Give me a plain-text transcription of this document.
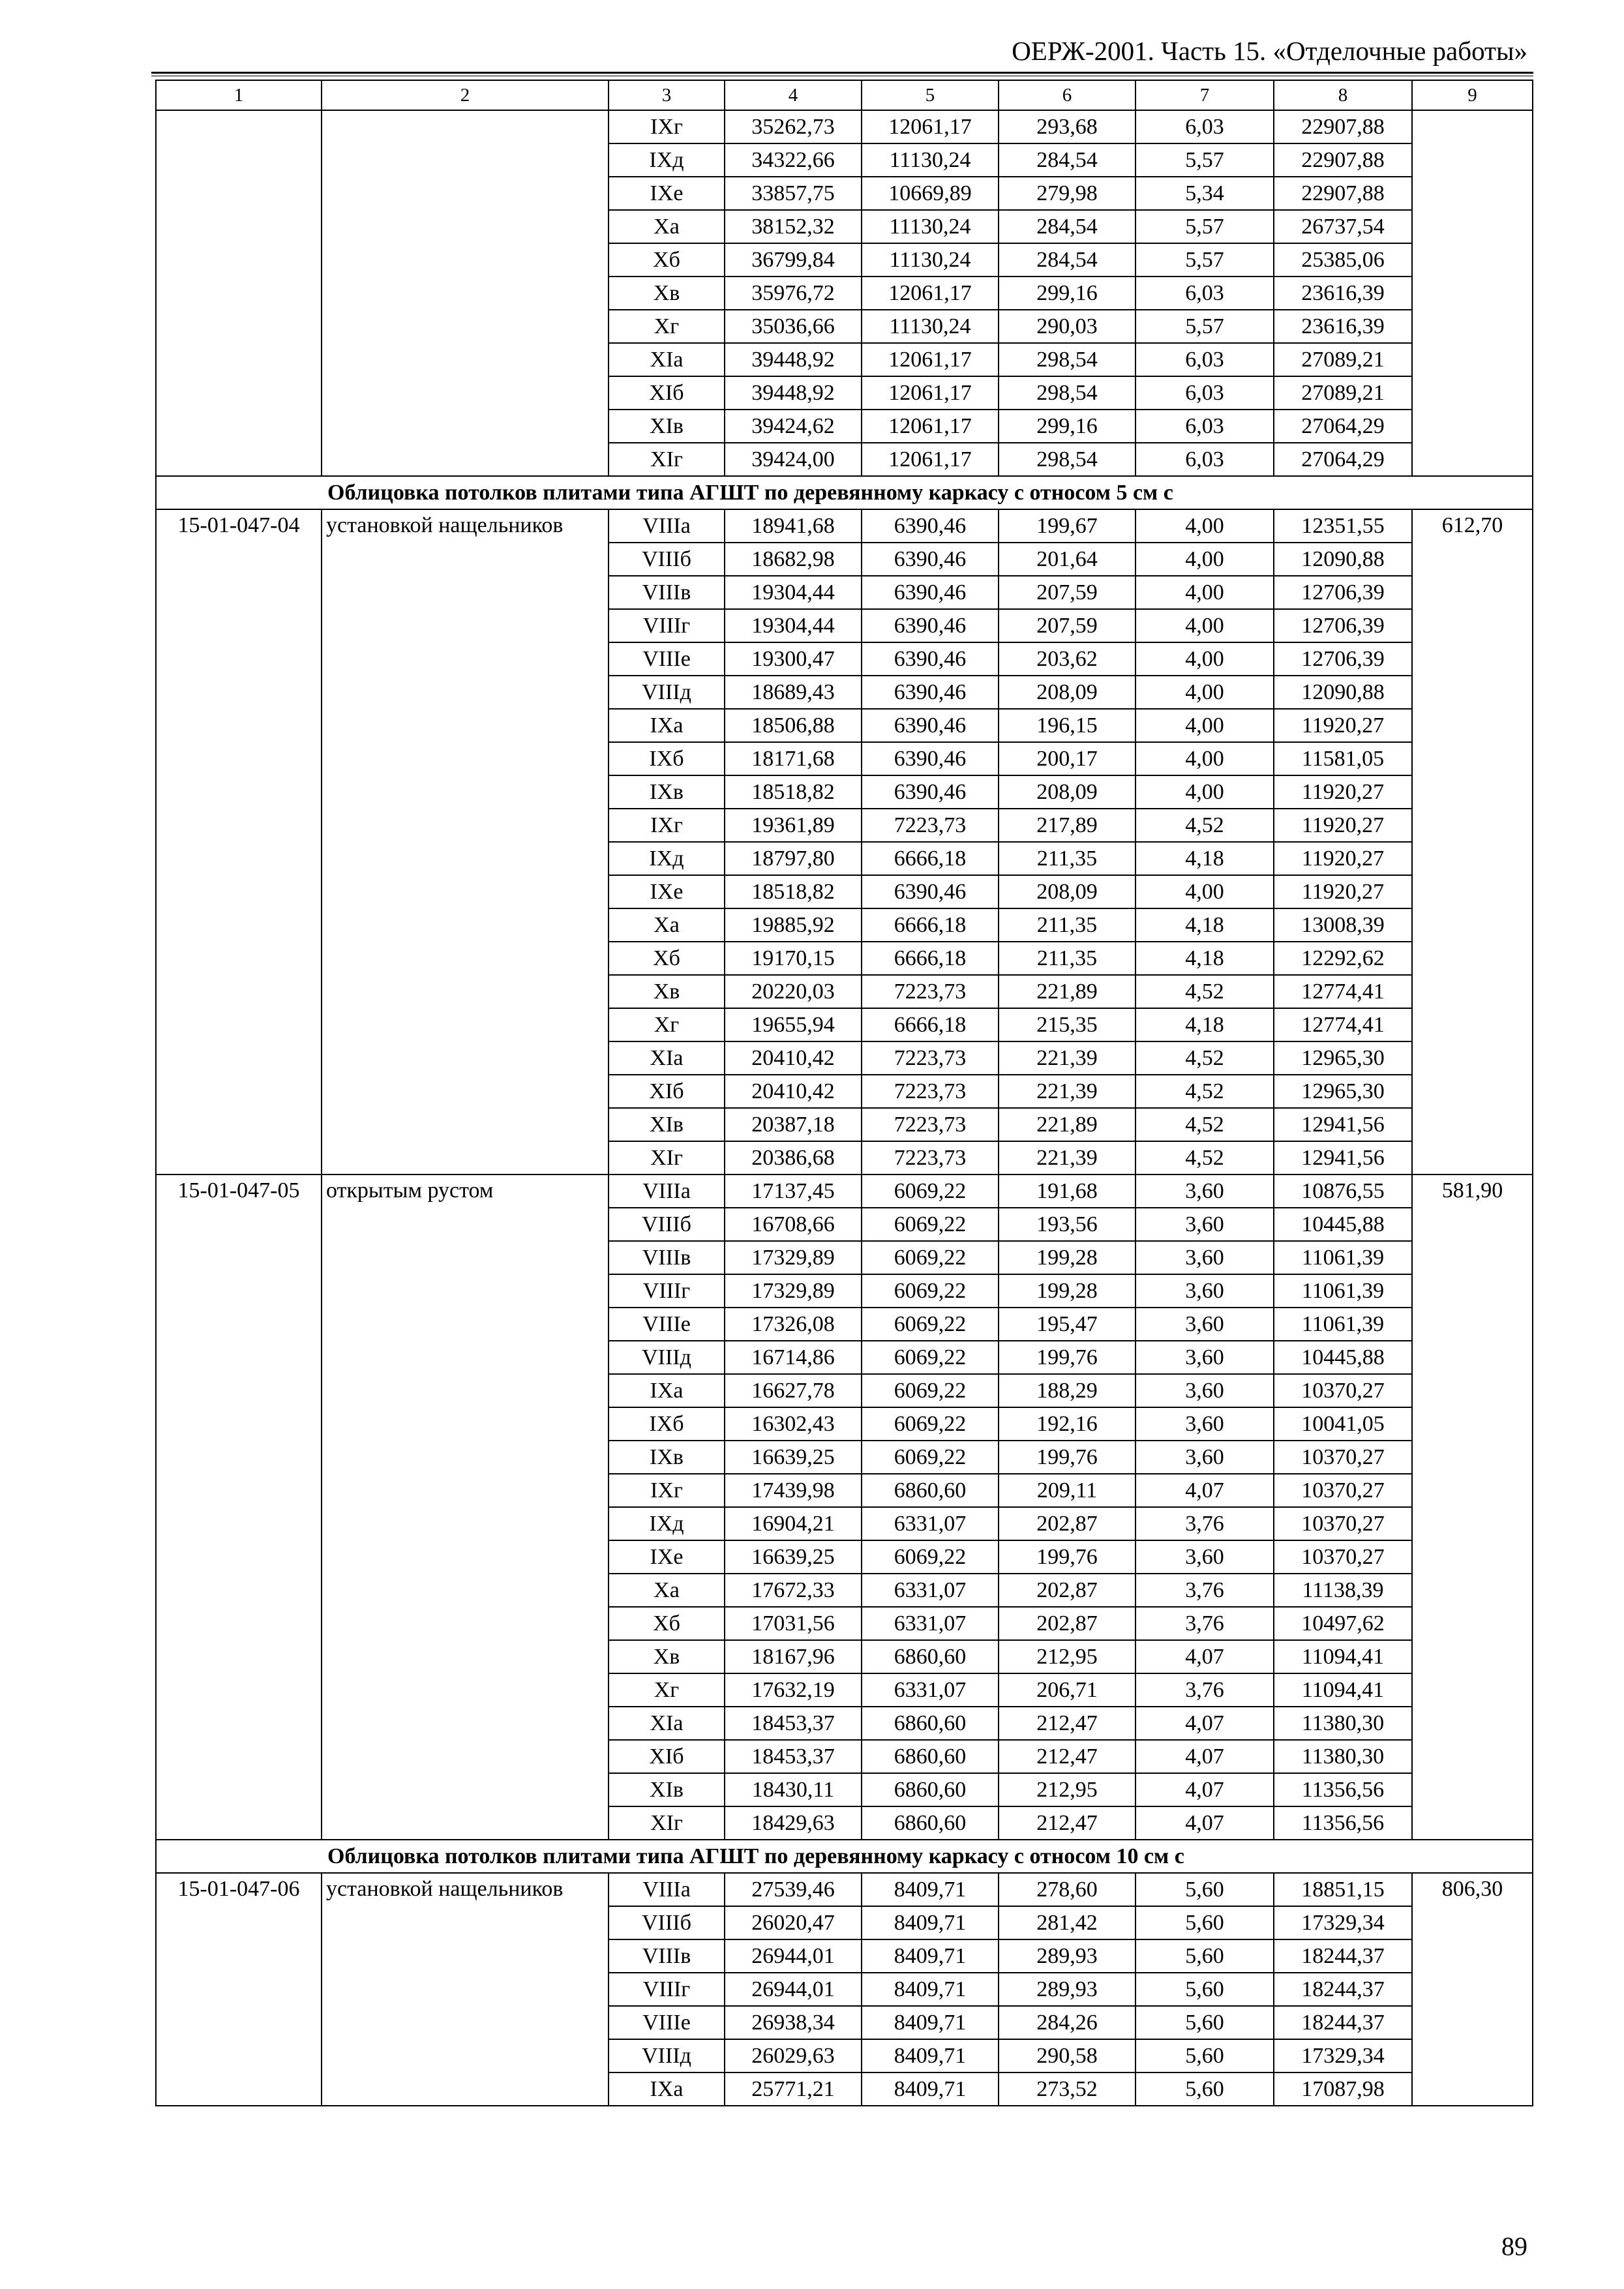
ОЕРЖ-2001. Часть 15. «Отделочные работы»
1	2	3	4	5	6	7	8	9
		IXг	35262,73	12061,17	293,68	6,03	22907,88	
		IXд	34322,66	11130,24	284,54	5,57	22907,88	
		IXе	33857,75	10669,89	279,98	5,34	22907,88	
		Xа	38152,32	11130,24	284,54	5,57	26737,54	
		Xб	36799,84	11130,24	284,54	5,57	25385,06	
		Xв	35976,72	12061,17	299,16	6,03	23616,39	
		Xг	35036,66	11130,24	290,03	5,57	23616,39	
		XIа	39448,92	12061,17	298,54	6,03	27089,21	
		XIб	39448,92	12061,17	298,54	6,03	27089,21	
		XIв	39424,62	12061,17	299,16	6,03	27064,29	
		XIг	39424,00	12061,17	298,54	6,03	27064,29	
Облицовка потолков плитами типа АГШТ по деревянному каркасу с относом 5 см с								
15-01-047-04	установкой нащельников	VIIIа	18941,68	6390,46	199,67	4,00	12351,55	612,70
		VIIIб	18682,98	6390,46	201,64	4,00	12090,88	
		VIIIв	19304,44	6390,46	207,59	4,00	12706,39	
		VIIIг	19304,44	6390,46	207,59	4,00	12706,39	
		VIIIе	19300,47	6390,46	203,62	4,00	12706,39	
		VIIIд	18689,43	6390,46	208,09	4,00	12090,88	
		IXа	18506,88	6390,46	196,15	4,00	11920,27	
		IXб	18171,68	6390,46	200,17	4,00	11581,05	
		IXв	18518,82	6390,46	208,09	4,00	11920,27	
		IXг	19361,89	7223,73	217,89	4,52	11920,27	
		IXд	18797,80	6666,18	211,35	4,18	11920,27	
		IXе	18518,82	6390,46	208,09	4,00	11920,27	
		Xа	19885,92	6666,18	211,35	4,18	13008,39	
		Xб	19170,15	6666,18	211,35	4,18	12292,62	
		Xв	20220,03	7223,73	221,89	4,52	12774,41	
		Xг	19655,94	6666,18	215,35	4,18	12774,41	
		XIа	20410,42	7223,73	221,39	4,52	12965,30	
		XIб	20410,42	7223,73	221,39	4,52	12965,30	
		XIв	20387,18	7223,73	221,89	4,52	12941,56	
		XIг	20386,68	7223,73	221,39	4,52	12941,56	
15-01-047-05	открытым рустом	VIIIа	17137,45	6069,22	191,68	3,60	10876,55	581,90
		VIIIб	16708,66	6069,22	193,56	3,60	10445,88	
		VIIIв	17329,89	6069,22	199,28	3,60	11061,39	
		VIIIг	17329,89	6069,22	199,28	3,60	11061,39	
		VIIIе	17326,08	6069,22	195,47	3,60	11061,39	
		VIIIд	16714,86	6069,22	199,76	3,60	10445,88	
		IXа	16627,78	6069,22	188,29	3,60	10370,27	
		IXб	16302,43	6069,22	192,16	3,60	10041,05	
		IXв	16639,25	6069,22	199,76	3,60	10370,27	
		IXг	17439,98	6860,60	209,11	4,07	10370,27	
		IXд	16904,21	6331,07	202,87	3,76	10370,27	
		IXе	16639,25	6069,22	199,76	3,60	10370,27	
		Xа	17672,33	6331,07	202,87	3,76	11138,39	
		Xб	17031,56	6331,07	202,87	3,76	10497,62	
		Xв	18167,96	6860,60	212,95	4,07	11094,41	
		Xг	17632,19	6331,07	206,71	3,76	11094,41	
		XIа	18453,37	6860,60	212,47	4,07	11380,30	
		XIб	18453,37	6860,60	212,47	4,07	11380,30	
		XIв	18430,11	6860,60	212,95	4,07	11356,56	
		XIг	18429,63	6860,60	212,47	4,07	11356,56	
Облицовка потолков плитами типа АГШТ по деревянному каркасу с относом 10 см с								
15-01-047-06	установкой нащельников	VIIIа	27539,46	8409,71	278,60	5,60	18851,15	806,30
		VIIIб	26020,47	8409,71	281,42	5,60	17329,34	
		VIIIв	26944,01	8409,71	289,93	5,60	18244,37	
		VIIIг	26944,01	8409,71	289,93	5,60	18244,37	
		VIIIе	26938,34	8409,71	284,26	5,60	18244,37	
		VIIIд	26029,63	8409,71	290,58	5,60	17329,34	
		IXа	25771,21	8409,71	273,52	5,60	17087,98	
89
